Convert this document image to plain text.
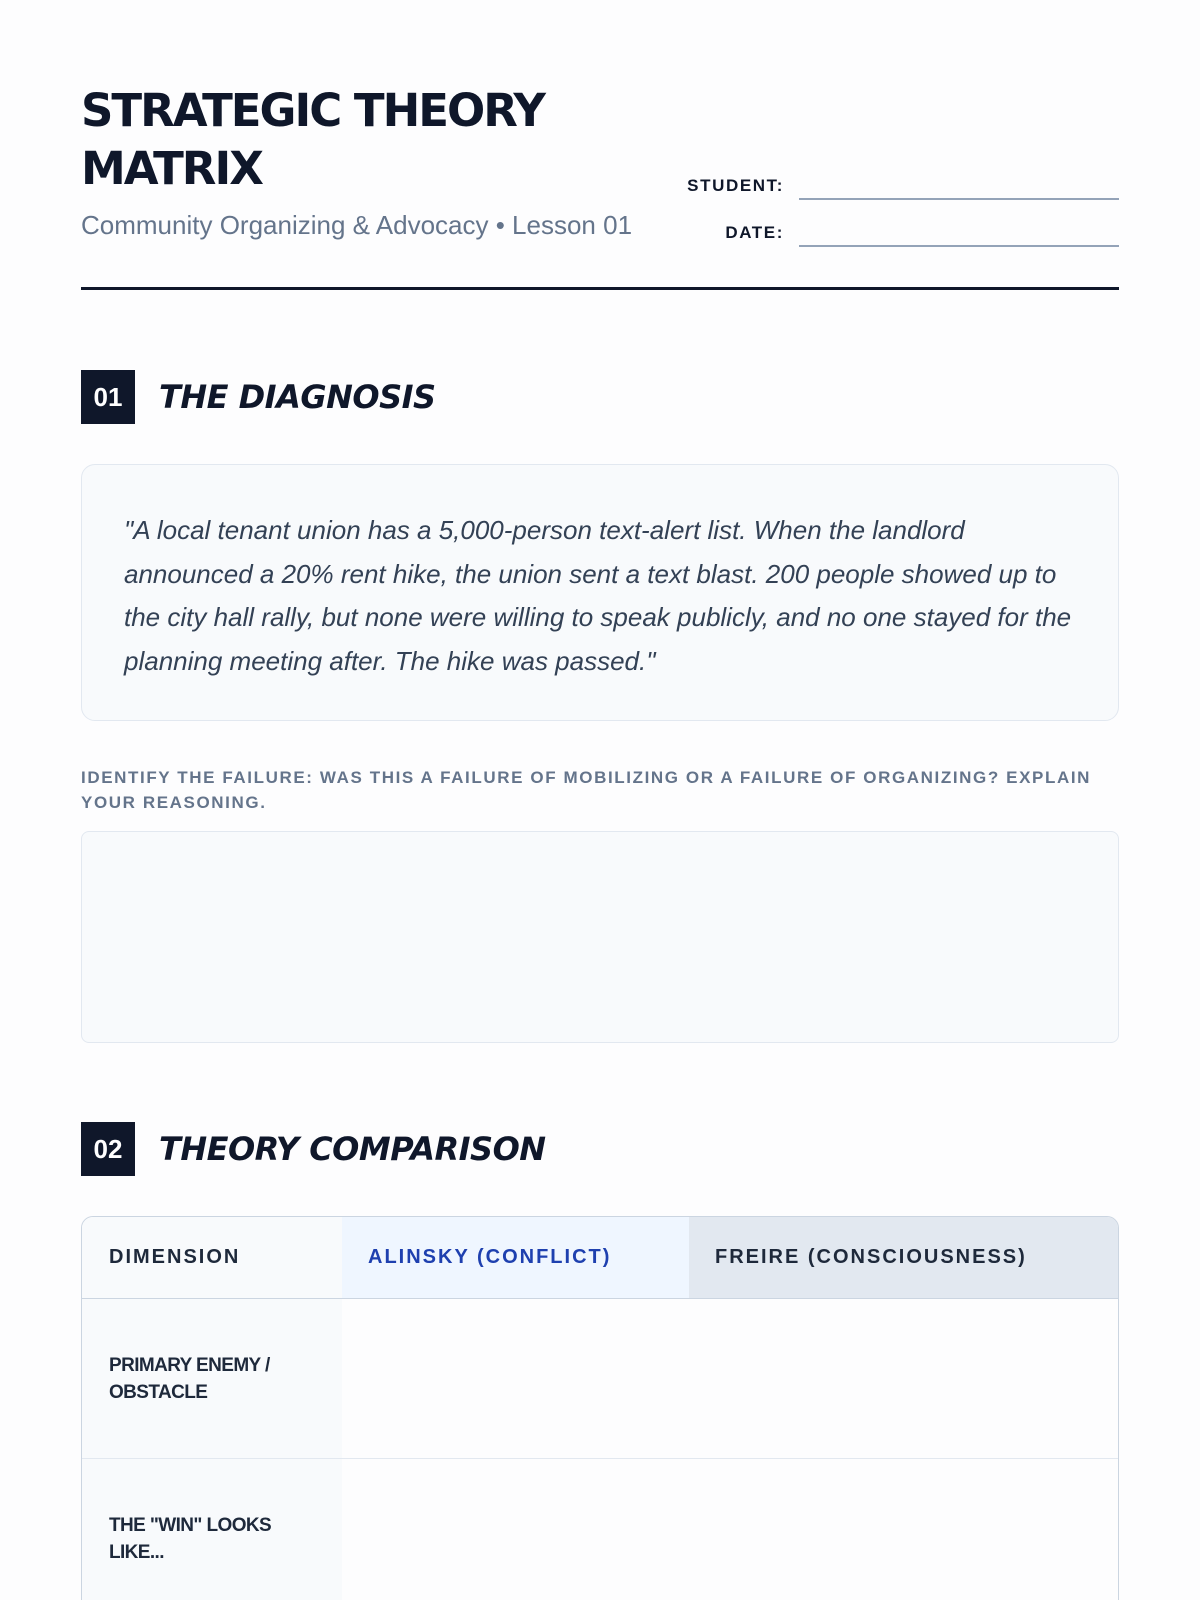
STRATEGIC THEORY MATRIX
Community Organizing & Advocacy • Lesson 01
STUDENT:
DATE:
01	THE DIAGNOSIS

"A local tenant union has a 5,000-person text-alert list. When the landlord announced a 20% rent hike, the union sent a text blast. 200 people showed up to the city hall rally, but none were willing to speak publicly, and no one stayed for the planning meeting after. The hike was passed."

IDENTIFY THE FAILURE: WAS THIS A FAILURE OF MOBILIZING OR A FAILURE OF ORGANIZING? EXPLAIN YOUR REASONING.
02	THEORY COMPARISON
DIMENSION	ALINSKY (CONFLICT)	FREIRE (CONSCIOUSNESS)
PRIMARY ENEMY / OBSTACLE
THE "WIN" LOOKS LIKE...
